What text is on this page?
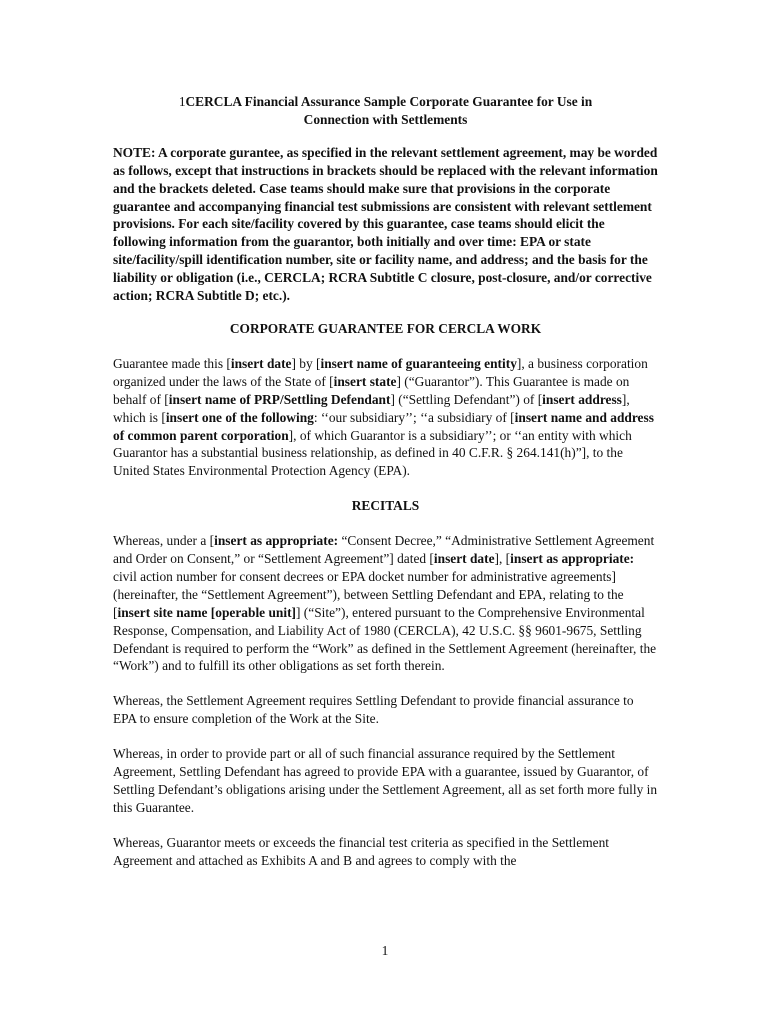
1CERCLA Financial Assurance Sample Corporate Guarantee for Use in
Connection with Settlements

NOTE: A corporate gurantee, as specified in the relevant settlement agreement, may be worded as follows, except that instructions in brackets should be replaced with the relevant information and the brackets deleted. Case teams should make sure that provisions in the corporate guarantee and accompanying financial test submissions are consistent with relevant settlement provisions. For each site/facility covered by this guarantee, case teams should elicit the following information from the guarantor, both initially and over time: EPA or state site/facility/spill identification number, site or facility name, and address; and the basis for the liability or obligation (i.e., CERCLA; RCRA Subtitle C closure, post-closure, and/or corrective action; RCRA Subtitle D; etc.).

CORPORATE GUARANTEE FOR CERCLA WORK

Guarantee made this [insert date] by [insert name of guaranteeing entity], a business corporation organized under the laws of the State of [insert state] (“Guarantor”). This Guarantee is made on behalf of [insert name of PRP/Settling Defendant] (“Settling Defendant”) of [insert address], which is [insert one of the following: ‘‘our subsidiary’’; ‘‘a subsidiary of [insert name and address of common parent corporation], of which Guarantor is a subsidiary’’; or ‘‘an entity with which Guarantor has a substantial business relationship, as defined in 40 C.F.R. § 264.141(h)”], to the United States Environmental Protection Agency (EPA).

RECITALS

Whereas, under a [insert as appropriate: “Consent Decree,” “Administrative Settlement Agreement and Order on Consent,” or “Settlement Agreement”] dated [insert date], [insert as appropriate: civil action number for consent decrees or EPA docket number for administrative agreements] (hereinafter, the “Settlement Agreement”), between Settling Defendant and EPA, relating to the [insert site name [operable unit]] (“Site”), entered pursuant to the Comprehensive Environmental Response, Compensation, and Liability Act of 1980 (CERCLA), 42 U.S.C. §§ 9601-9675, Settling Defendant is required to perform the “Work” as defined in the Settlement Agreement (hereinafter, the “Work”) and to fulfill its other obligations as set forth therein.

Whereas, the Settlement Agreement requires Settling Defendant to provide financial assurance to EPA to ensure completion of the Work at the Site.

Whereas, in order to provide part or all of such financial assurance required by the Settlement Agreement, Settling Defendant has agreed to provide EPA with a guarantee, issued by Guarantor, of Settling Defendant’s obligations arising under the Settlement Agreement, all as set forth more fully in this Guarantee.

Whereas, Guarantor meets or exceeds the financial test criteria as specified in the Settlement Agreement and attached as Exhibits A and B and agrees to comply with the

1
